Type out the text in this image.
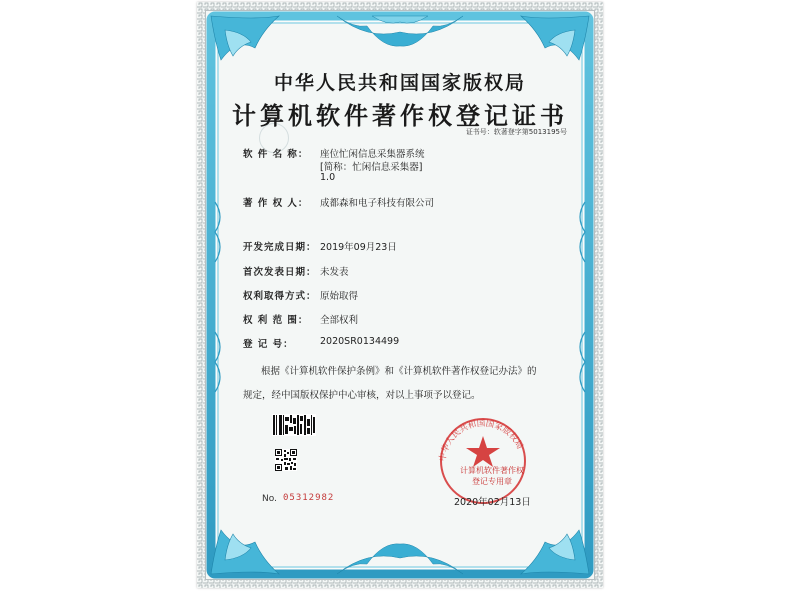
中华人民共和国国家版权局
计算机软件著作权登记证书
证书号：软著登字第5013195号
软 件 名 称： 座位忙闲信息采集器系统
[简称：忙闲信息采集器]
1.0
著 作 权 人： 成都森和电子科技有限公司
开发完成日期： 2019年09月23日
首次发表日期： 未发表
权利取得方式： 原始取得
权 利 范 围： 全部权利
登 记 号：	2020SR0134499
根据《计算机软件保护条例》和《计算机软件著作权登记办法》的
规定，经中国版权保护中心审核，对以上事项予以登记。
No. 05312982
中华人民共和国国家版权局
计算机软件著作权
登记专用章
2020年02月13日
